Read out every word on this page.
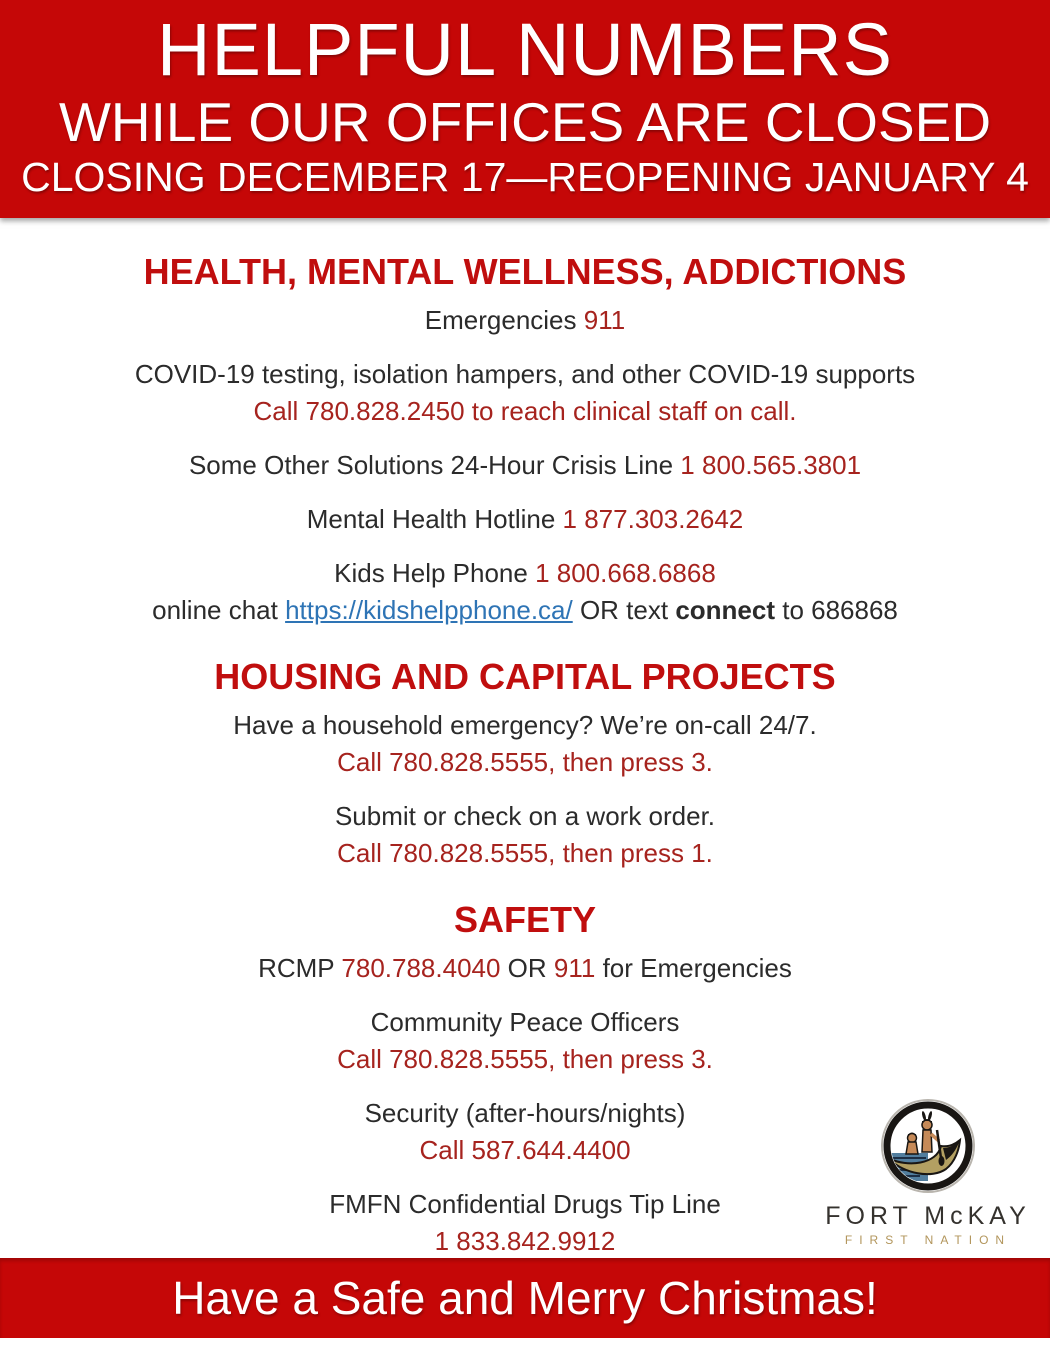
HELPFUL NUMBERS
WHILE OUR OFFICES ARE CLOSED
CLOSING DECEMBER 17—REOPENING JANUARY 4
HEALTH, MENTAL WELLNESS, ADDICTIONS

Emergencies 911

COVID-19 testing, isolation hampers, and other COVID-19 supports

Call 780.828.2450 to reach clinical staff on call.

Some Other Solutions 24-Hour Crisis Line 1 800.565.3801

Mental Health Hotline 1 877.303.2642

Kids Help Phone 1 800.668.6868

online chat https://kidshelpphone.ca/ OR text connect to 686868

HOUSING AND CAPITAL PROJECTS

Have a household emergency? We’re on-call 24/7.

Call 780.828.5555, then press 3.

Submit or check on a work order.

Call 780.828.5555, then press 1.

SAFETY

RCMP 780.788.4040 OR 911 for Emergencies

Community Peace Officers

Call 780.828.5555, then press 3.

Security (after-hours/nights)

Call 587.644.4400

FMFN Confidential Drugs Tip Line

1 833.842.9912

FORT McKAY
FIRST NATION
Have a Safe and Merry Christmas!
